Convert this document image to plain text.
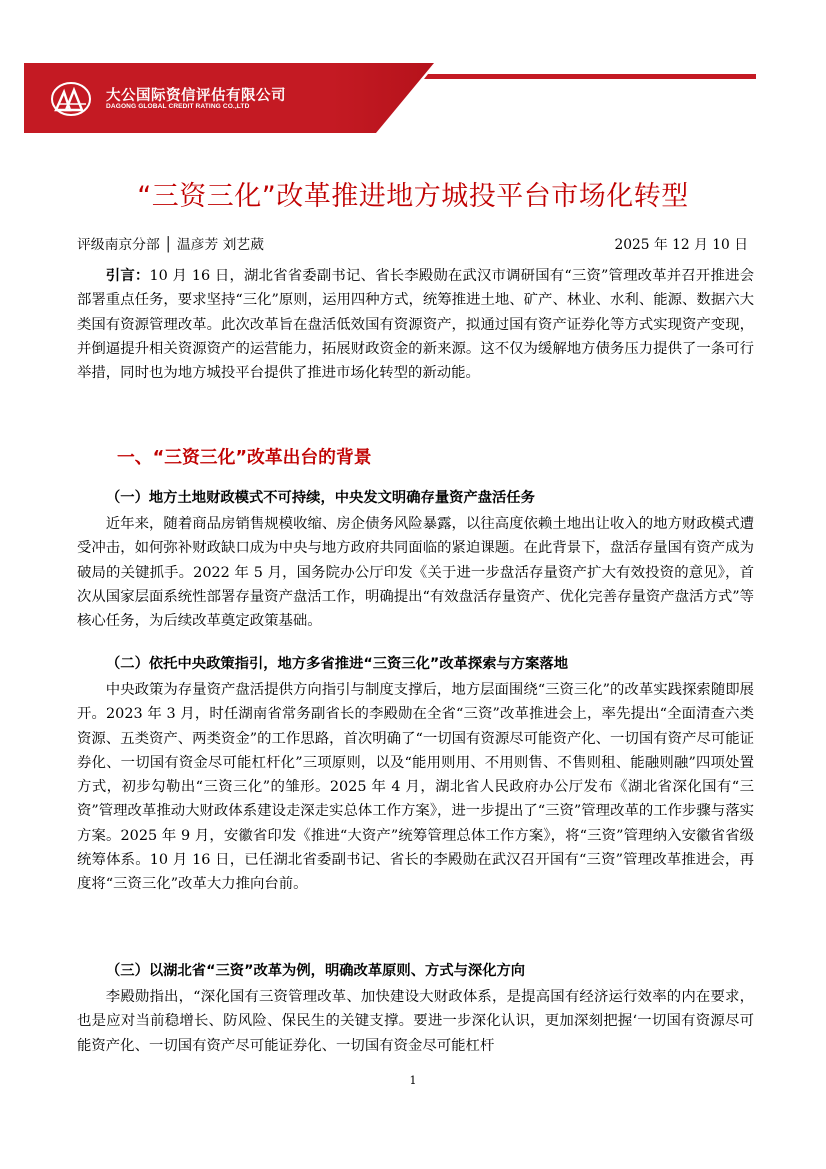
大公国际资信评估有限公司
DAGONG GLOBAL CREDIT RATING CO.,LTD
“三资三化”改革推进地方城投平台市场化转型
评级南京分部 │ 温彦芳 刘艺葳	2025 年 12 月 10 日

引言：10 月 16 日，湖北省省委副书记、省长李殿勋在武汉市调研国有“三资”管理改革并召开推进会部署重点任务，要求坚持“三化”原则，运用四种方式，统筹推进土地、矿产、林业、水利、能源、数据六大类国有资源管理改革。此次改革旨在盘活低效国有资源资产，拟通过国有资产证券化等方式实现资产变现，并倒逼提升相关资源资产的运营能力，拓展财政资金的新来源。这不仅为缓解地方债务压力提供了一条可行举措，同时也为地方城投平台提供了推进市场化转型的新动能。

一、“三资三化”改革出台的背景
（一）地方土地财政模式不可持续，中央发文明确存量资产盘活任务

近年来，随着商品房销售规模收缩、房企债务风险暴露，以往高度依赖土地出让收入的地方财政模式遭受冲击，如何弥补财政缺口成为中央与地方政府共同面临的紧迫课题。在此背景下，盘活存量国有资产成为破局的关键抓手。2022 年 5 月，国务院办公厅印发《关于进一步盘活存量资产扩大有效投资的意见》，首次从国家层面系统性部署存量资产盘活工作，明确提出“有效盘活存量资产、优化完善存量资产盘活方式”等核心任务，为后续改革奠定政策基础。

（二）依托中央政策指引，地方多省推进“三资三化”改革探索与方案落地

中央政策为存量资产盘活提供方向指引与制度支撑后，地方层面围绕“三资三化”的改革实践探索随即展开。2023 年 3 月，时任湖南省常务副省长的李殿勋在全省“三资”改革推进会上，率先提出“全面清查六类资源、五类资产、两类资金”的工作思路，首次明确了“一切国有资源尽可能资产化、一切国有资产尽可能证券化、一切国有资金尽可能杠杆化”三项原则，以及“能用则用、不用则售、不售则租、能融则融”四项处置方式，初步勾勒出“三资三化”的雏形。2025 年 4 月，湖北省人民政府办公厅发布《湖北省深化国有“三资”管理改革推动大财政体系建设走深走实总体工作方案》，进一步提出了“三资”管理改革的工作步骤与落实方案。2025 年 9 月，安徽省印发《推进“大资产”统筹管理总体工作方案》，将“三资”管理纳入安徽省省级统筹体系。10 月 16 日，已任湖北省委副书记、省长的李殿勋在武汉召开国有“三资”管理改革推进会，再度将“三资三化”改革大力推向台前。

（三）以湖北省“三资”改革为例，明确改革原则、方式与深化方向

李殿勋指出，“深化国有三资管理改革、加快建设大财政体系，是提高国有经济运行效率的内在要求，也是应对当前稳增长、防风险、保民生的关键支撑。要进一步深化认识，更加深刻把握‘一切国有资源尽可能资产化、一切国有资产尽可能证券化、一切国有资金尽可能杠杆

1
